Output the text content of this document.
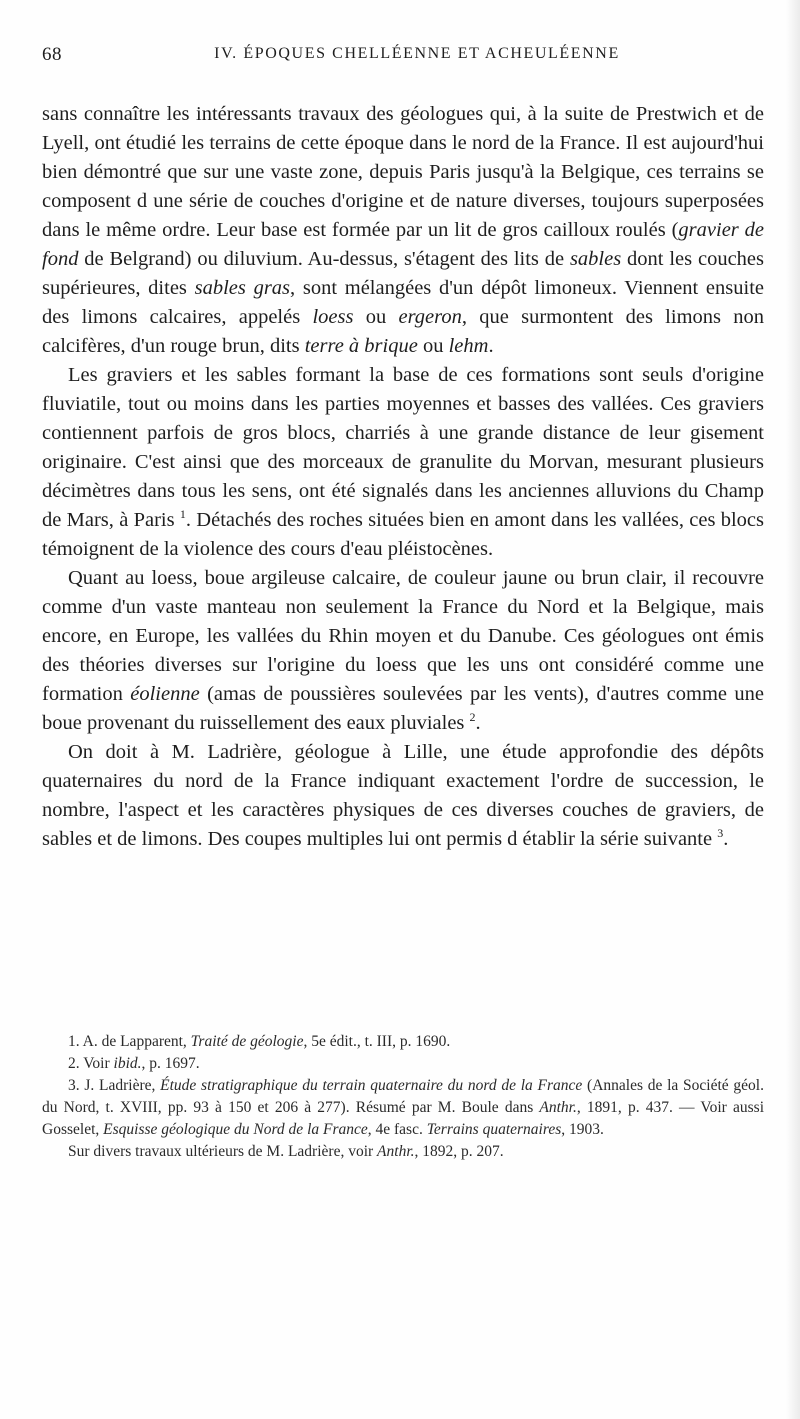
68	IV. ÉPOQUES CHELLÉENNE ET ACHEULÉENNE

sans connaître les intéressants travaux des géologues qui, à la suite de Prestwich et de Lyell, ont étudié les terrains de cette époque dans le nord de la France. Il est aujourd'hui bien démontré que sur une vaste zone, depuis Paris jusqu'à la Belgique, ces terrains se composent d une série de couches d'origine et de nature diverses, toujours superposées dans le même ordre. Leur base est formée par un lit de gros cailloux roulés (gravier de fond de Belgrand) ou diluvium. Au-dessus, s'étagent des lits de sables dont les couches supérieures, dites sables gras, sont mélangées d'un dépôt limoneux. Viennent ensuite des limons calcaires, appelés loess ou ergeron, que surmontent des limons non calcifères, d'un rouge brun, dits terre à brique ou lehm.

Les graviers et les sables formant la base de ces formations sont seuls d'origine fluviatile, tout ou moins dans les parties moyennes et basses des vallées. Ces graviers contiennent parfois de gros blocs, charriés à une grande distance de leur gisement originaire. C'est ainsi que des morceaux de granulite du Morvan, mesurant plusieurs décimètres dans tous les sens, ont été signalés dans les anciennes alluvions du Champ de Mars, à Paris $^1$. Détachés des roches situées bien en amont dans les vallées, ces blocs témoignent de la violence des cours d'eau pléistocènes.

Quant au loess, boue argileuse calcaire, de couleur jaune ou brun clair, il recouvre comme d'un vaste manteau non seulement la France du Nord et la Belgique, mais encore, en Europe, les vallées du Rhin moyen et du Danube. Ces géologues ont émis des théories diverses sur l'origine du loess que les uns ont considéré comme une formation éolienne (amas de poussières soulevées par les vents), d'autres comme une boue provenant du ruissellement des eaux pluviales $^2$.

On doit à M. Ladrière, géologue à Lille, une étude approfondie des dépôts quaternaires du nord de la France indiquant exactement l'ordre de succession, le nombre, l'aspect et les caractères physiques de ces diverses couches de graviers, de sables et de limons. Des coupes multiples lui ont permis d établir la série suivante $^3$.

1. A. de Lapparent, Traité de géologie, 5e édit., t. III, p. 1690.

2. Voir ibid., p. 1697.

3. J. Ladrière, Étude stratigraphique du terrain quaternaire du nord de la France (Annales de la Société géol. du Nord, t. XVIII, pp. 93 à 150 et 206 à 277). Résumé par M. Boule dans Anthr., 1891, p. 437. — Voir aussi Gosselet, Esquisse géologique du Nord de la France, 4e fasc. Terrains quaternaires, 1903.

Sur divers travaux ultérieurs de M. Ladrière, voir Anthr., 1892, p. 207.
